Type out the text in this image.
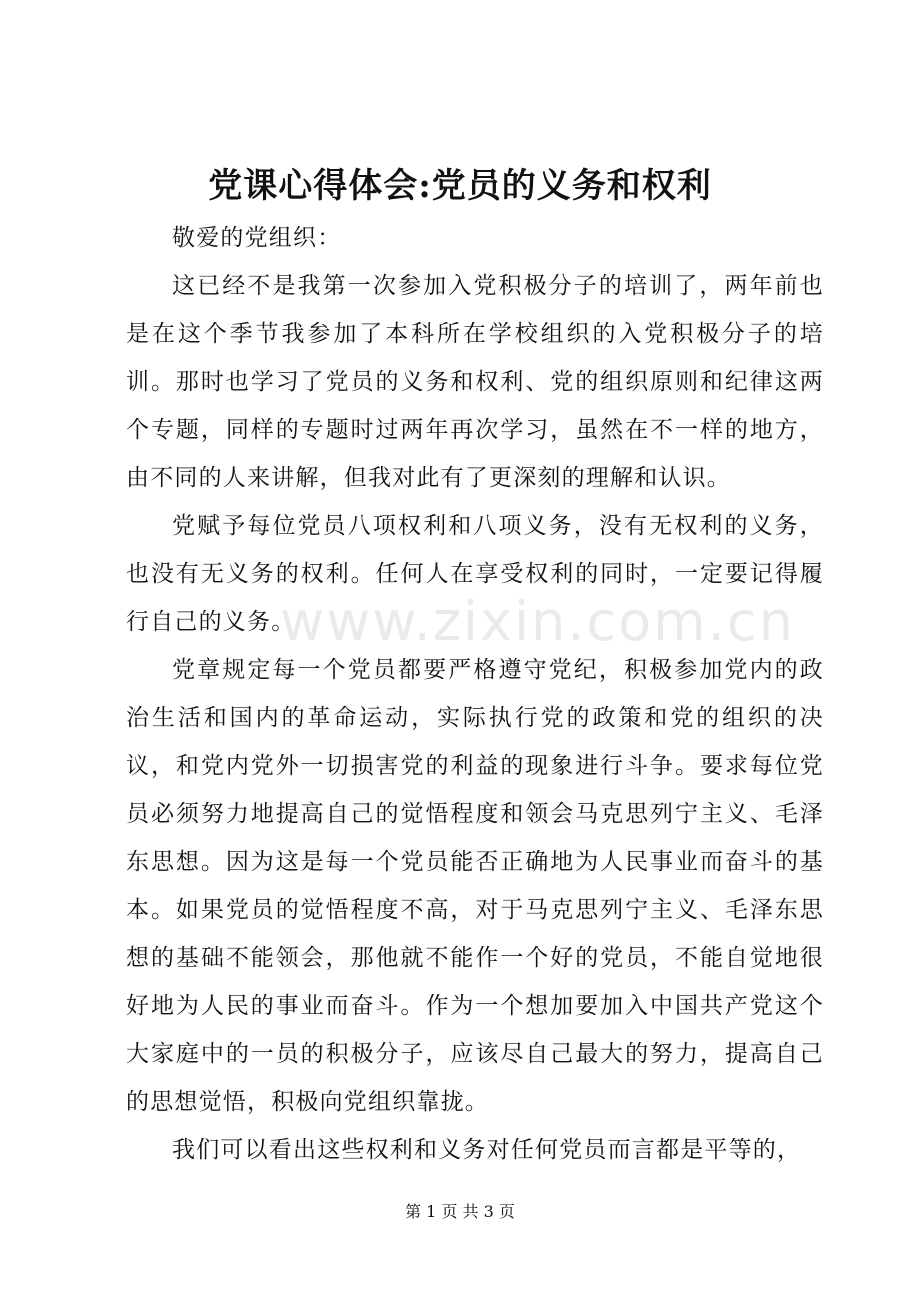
党课心得体会:党员的义务和权利

敬爱的党组织：

这已经不是我第一次参加入党积极分子的培训了，两年前也是在这个季节我参加了本科所在学校组织的入党积极分子的培训。那时也学习了党员的义务和权利、党的组织原则和纪律这两个专题，同样的专题时过两年再次学习，虽然在不一样的地方，由不同的人来讲解，但我对此有了更深刻的理解和认识。

党赋予每位党员八项权利和八项义务，没有无权利的义务，也没有无义务的权利。任何人在享受权利的同时，一定要记得履行自己的义务。

党章规定每一个党员都要严格遵守党纪，积极参加党内的政治生活和国内的革命运动，实际执行党的政策和党的组织的决议，和党内党外一切损害党的利益的现象进行斗争。要求每位党员必须努力地提高自己的觉悟程度和领会马克思列宁主义、毛泽东思想。因为这是每一个党员能否正确地为人民事业而奋斗的基本。如果党员的觉悟程度不高，对于马克思列宁主义、毛泽东思想的基础不能领会，那他就不能作一个好的党员，不能自觉地很好地为人民的事业而奋斗。作为一个想加要加入中国共产党这个大家庭中的一员的积极分子，应该尽自己最大的努力，提高自己的思想觉悟，积极向党组织靠拢。

我们可以看出这些权利和义务对任何党员而言都是平等的，

www.zixin.com.cn
第 1 页 共 3 页
